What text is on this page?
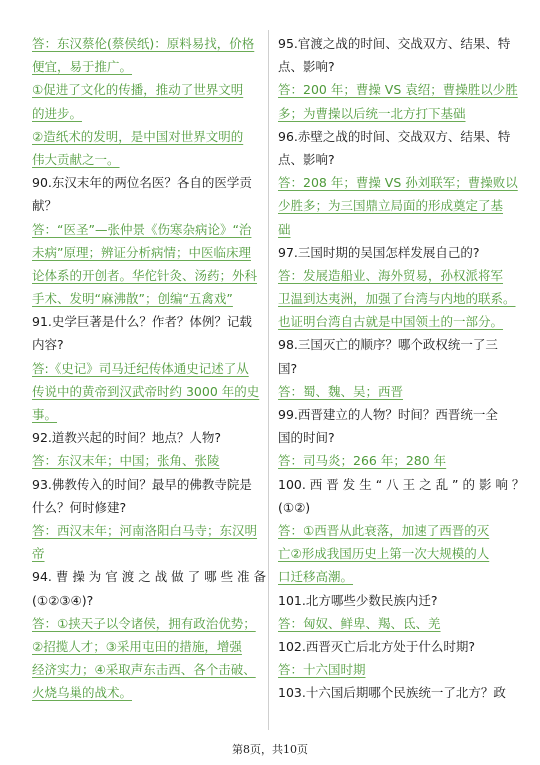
答：东汉蔡伦(蔡侯纸)：原料易找，价格
便宜，易于推广。
①促进了文化的传播，推动了世界文明
的进步。
②造纸术的发明，是中国对世界文明的
伟大贡献之一。
90.东汉末年的两位名医？各自的医学贡
献？
答：“医圣”—张仲景《伤寒杂病论》“治
未病”原理；辨证分析病情；中医临床理
论体系的开创者。华佗针灸、汤药；外科
手术、发明“麻沸散”；创编“五禽戏”
91.史学巨著是什么？作者？体例？记载
内容?
答:《史记》司马迁纪传体通史记述了从
传说中的黄帝到汉武帝时约 3000 年的史
事。
92.道教兴起的时间？地点？人物?
答：东汉末年；中国；张角、张陵
93.佛教传入的时间？最早的佛教寺院是
什么？何时修建?
答：西汉末年；河南洛阳白马寺；东汉明
帝
94. 曹 操 为 官 渡 之 战 做 了 哪 些 准 备
(①②③④)?
答：①挟天子以令诸侯，拥有政治优势；
②招揽人才；③采用屯田的措施，增强
经济实力；④采取声东击西、各个击破、
火烧乌巢的战术。
95.官渡之战的时间、交战双方、结果、特
点、影响?
答：200 年；曹操 VS 袁绍；曹操胜以少胜
多；为曹操以后统一北方打下基础
96.赤壁之战的时间、交战双方、结果、特
点、影响?
答：208 年；曹操 VS 孙刘联军；曹操败以
少胜多；为三国鼎立局面的形成奠定了基
础
97.三国时期的吴国怎样发展自己的?
答：发展造船业、海外贸易，孙权派将军
卫温到达夷洲，加强了台湾与内地的联系。
也证明台湾自古就是中国领土的一部分。
98.三国灭亡的顺序？哪个政权统一了三
国?
答：蜀、魏、吴；西晋
99.西晋建立的人物？时间？西晋统一全
国的时间?
答：司马炎；266 年；280 年
100. 西 晋 发 生 “ 八 王 之 乱 ” 的 影 响 ？
(①②)
答：①西晋从此衰落，加速了西晋的灭
亡②形成我国历史上第一次大规模的人
口迁移高潮。
101.北方哪些少数民族内迁?
答：匈奴、鲜卑、羯、氐、羌
102.西晋灭亡后北方处于什么时期?
答：十六国时期
103.十六国后期哪个民族统一了北方？政
第8页，共10页
